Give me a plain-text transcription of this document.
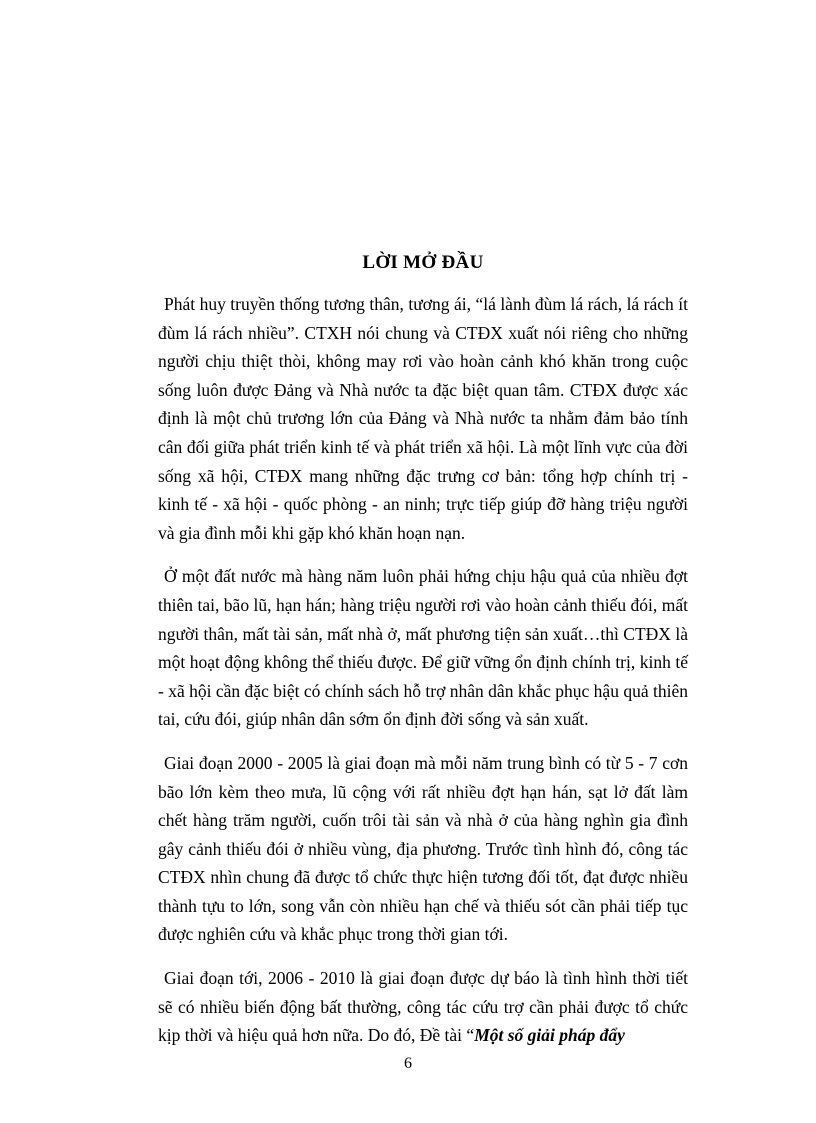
LỜI MỞ ĐẦU

Phát huy truyền thống tương thân, tương ái, “lá lành đùm lá rách, lá rách ít đùm lá rách nhiều”. CTXH nói chung và CTĐX xuất nói riêng cho những người chịu thiệt thòi, không may rơi vào hoàn cảnh khó khăn trong cuộc sống luôn được Đảng và Nhà nước ta đặc biệt quan tâm. CTĐX được xác định là một chủ trương lớn của Đảng và Nhà nước ta nhằm đảm bảo tính cân đối giữa phát triển kinh tế và phát triển xã hội. Là một lĩnh vực của đời sống xã hội, CTĐX mang những đặc trưng cơ bản: tổng hợp chính trị - kinh tế - xã hội - quốc phòng - an ninh; trực tiếp giúp đỡ hàng triệu người và gia đình mỗi khi gặp khó khăn hoạn nạn.

Ở một đất nước mà hàng năm luôn phải hứng chịu hậu quả của nhiều đợt thiên tai, bão lũ, hạn hán; hàng triệu người rơi vào hoàn cảnh thiếu đói, mất người thân, mất tài sản, mất nhà ở, mất phương tiện sản xuất…thì CTĐX là một hoạt động không thể thiếu được. Để giữ vững ổn định chính trị, kinh tế - xã hội cần đặc biệt có chính sách hỗ trợ nhân dân khắc phục hậu quả thiên tai, cứu đói, giúp nhân dân sớm ổn định đời sống và sản xuất.

Giai đoạn 2000 - 2005 là giai đoạn mà mỗi năm trung bình có từ 5 - 7 cơn bão lớn kèm theo mưa, lũ cộng với rất nhiều đợt hạn hán, sạt lở đất làm chết hàng trăm người, cuốn trôi tài sản và nhà ở của hàng nghìn gia đình gây cảnh thiếu đói ở nhiều vùng, địa phương. Trước tình hình đó, công tác CTĐX nhìn chung đã được tổ chức thực hiện tương đối tốt, đạt được nhiều thành tựu to lớn, song vẫn còn nhiều hạn chế và thiếu sót cần phải tiếp tục được nghiên cứu và khắc phục trong thời gian tới.

Giai đoạn tới, 2006 - 2010 là giai đoạn được dự báo là tình hình thời tiết sẽ có nhiều biến động bất thường, công tác cứu trợ cần phải được tổ chức kịp thời và hiệu quả hơn nữa. Do đó, Đề tài “Một số giải pháp đẩy

6
